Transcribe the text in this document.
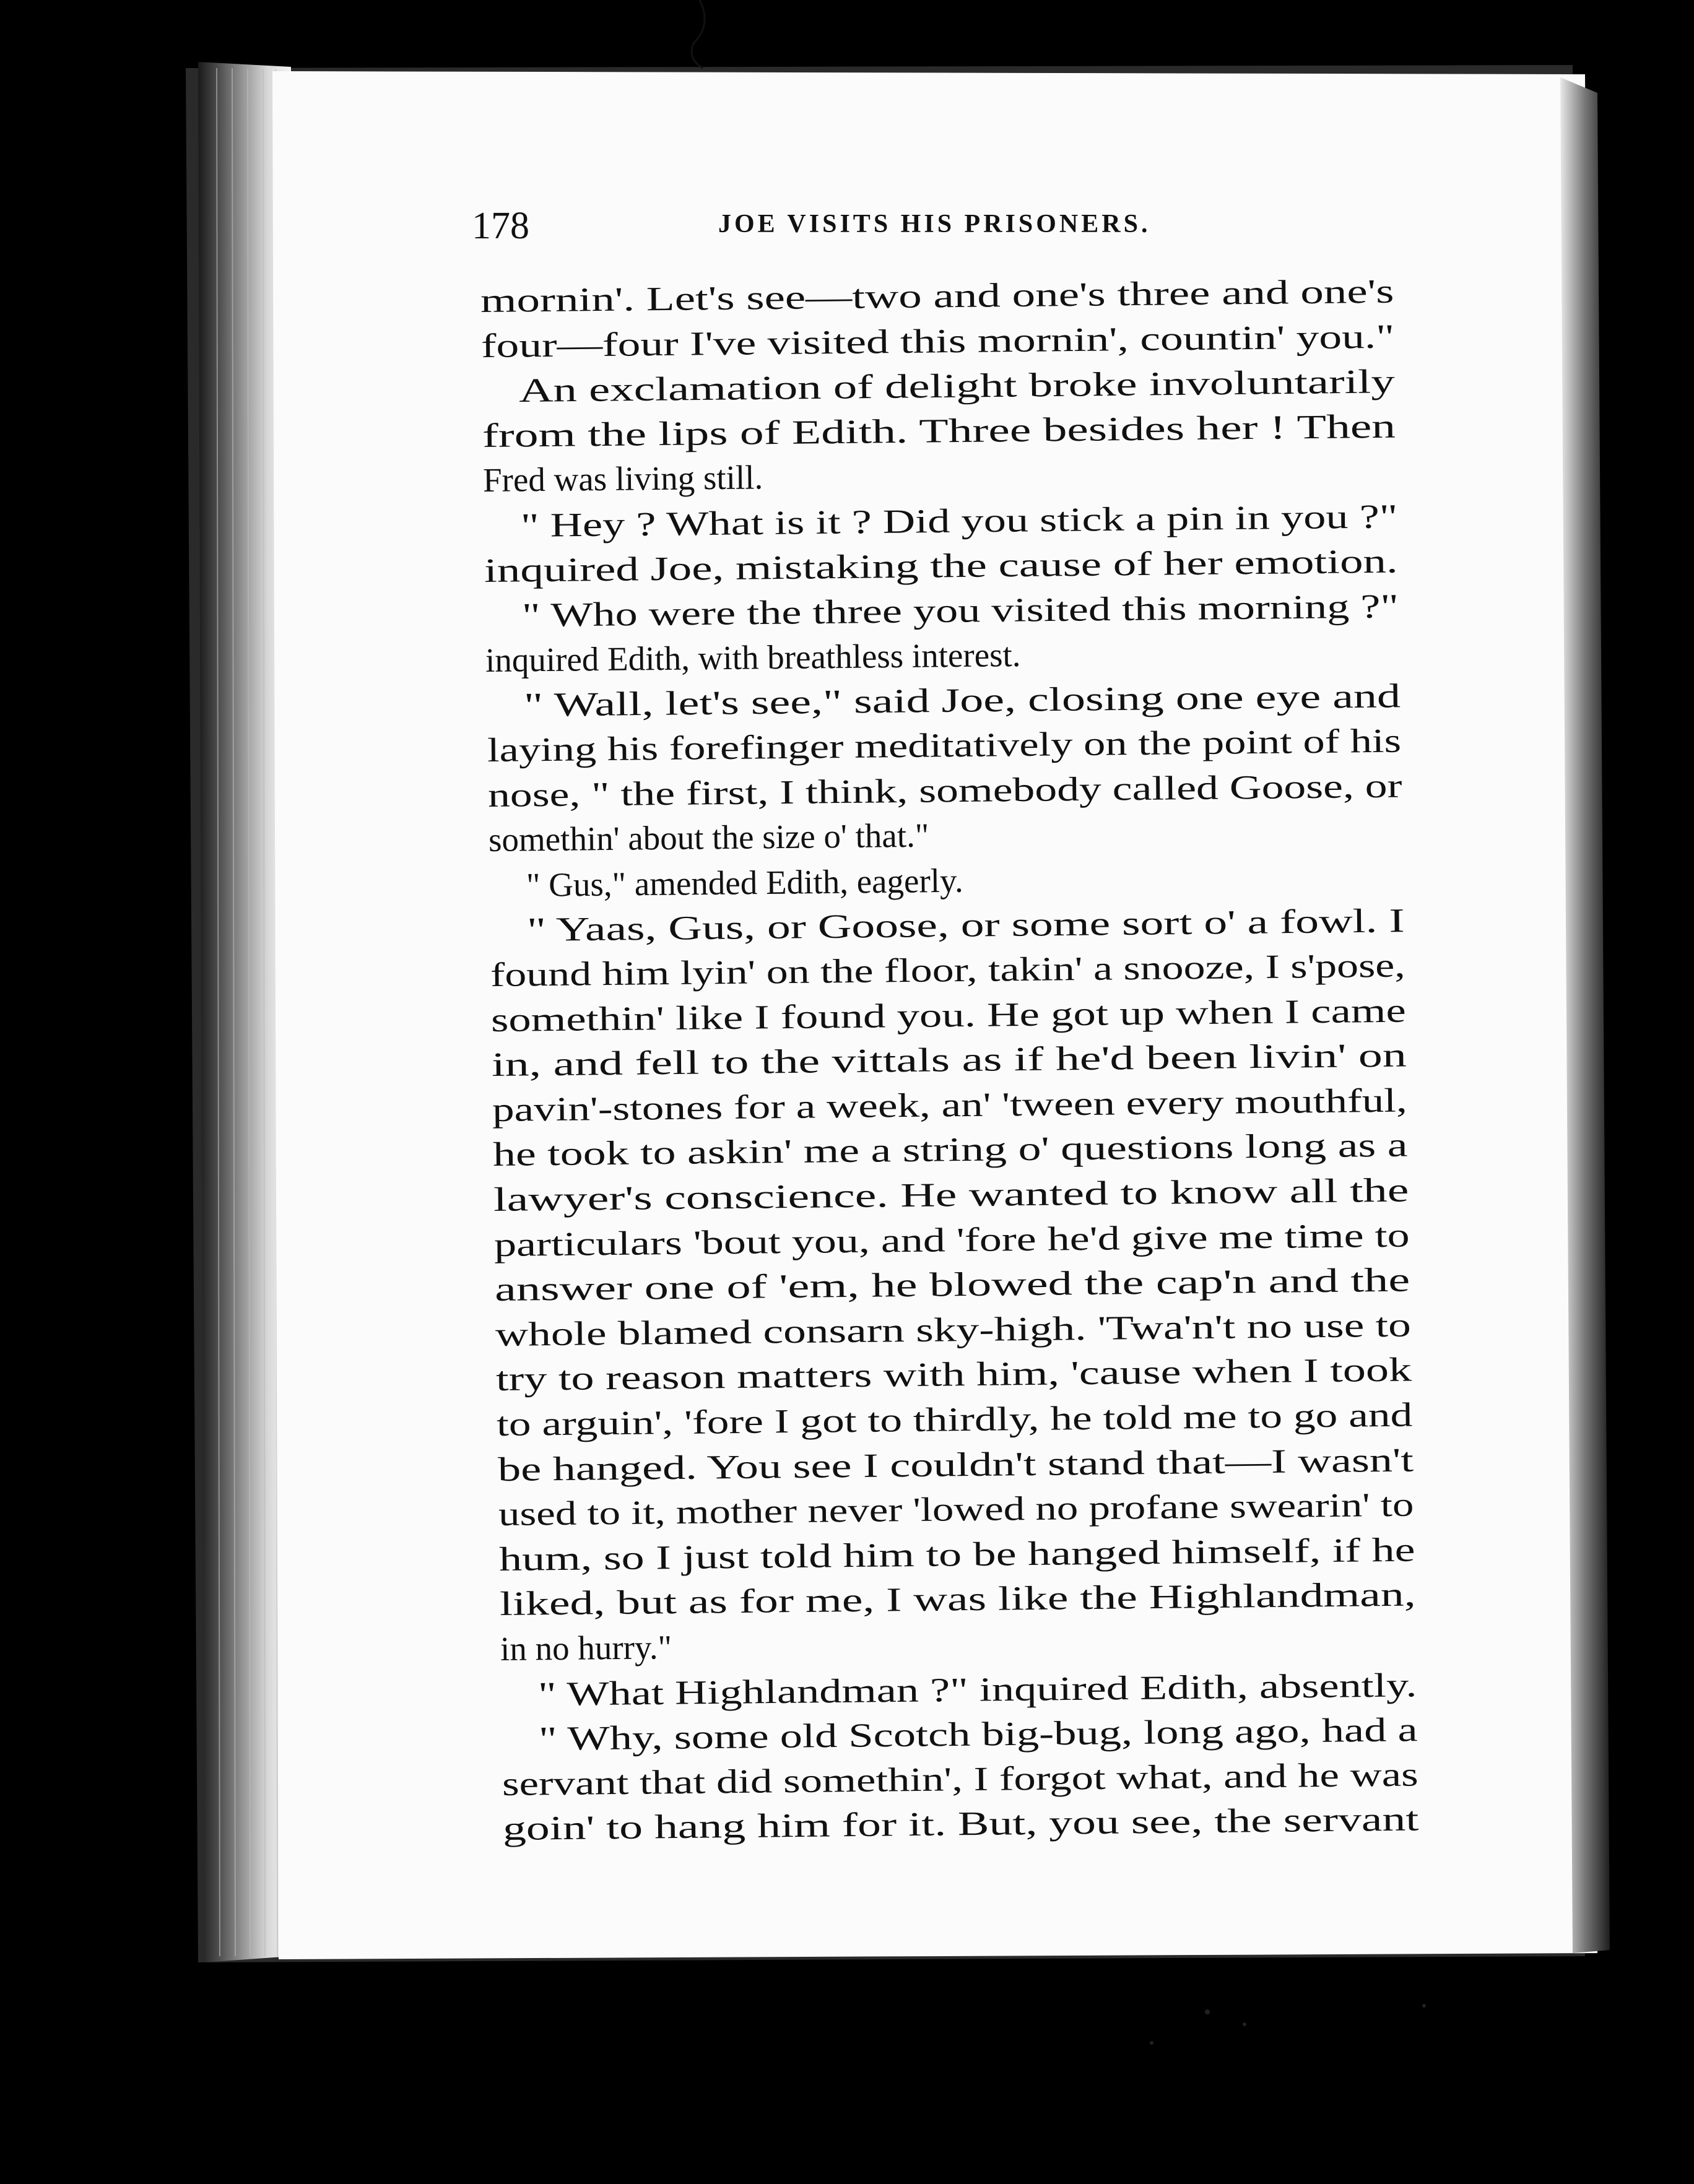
178	JOE VISITS HIS PRISONERS.
mornin'. Let's see—two and one's three and one's
four—four I've visited this mornin', countin' you."
An exclamation of delight broke involuntarily
from the lips of Edith. Three besides her ! Then
Fred was living still.
" Hey ? What is it ? Did you stick a pin in you ?"
inquired Joe, mistaking the cause of her emotion.
" Who were the three you visited this morning ?"
inquired Edith, with breathless interest.
" Wall, let's see," said Joe, closing one eye and
laying his forefinger meditatively on the point of his
nose, " the first, I think, somebody called Goose, or
somethin' about the size o' that."
" Gus," amended Edith, eagerly.
" Yaas, Gus, or Goose, or some sort o' a fowl. I
found him lyin' on the floor, takin' a snooze, I s'pose,
somethin' like I found you. He got up when I came
in, and fell to the vittals as if he'd been livin' on
pavin'-stones for a week, an' 'tween every mouthful,
he took to askin' me a string o' questions long as a
lawyer's conscience. He wanted to know all the
particulars 'bout you, and 'fore he'd give me time to
answer one of 'em, he blowed the cap'n and the
whole blamed consarn sky-high. 'Twa'n't no use to
try to reason matters with him, 'cause when I took
to arguin', 'fore I got to thirdly, he told me to go and
be hanged. You see I couldn't stand that—I wasn't
used to it, mother never 'lowed no profane swearin' to
hum, so I just told him to be hanged himself, if he
liked, but as for me, I was like the Highlandman,
in no hurry."
" What Highlandman ?" inquired Edith, absently.
" Why, some old Scotch big-bug, long ago, had a
servant that did somethin', I forgot what, and he was
goin' to hang him for it. But, you see, the servant
